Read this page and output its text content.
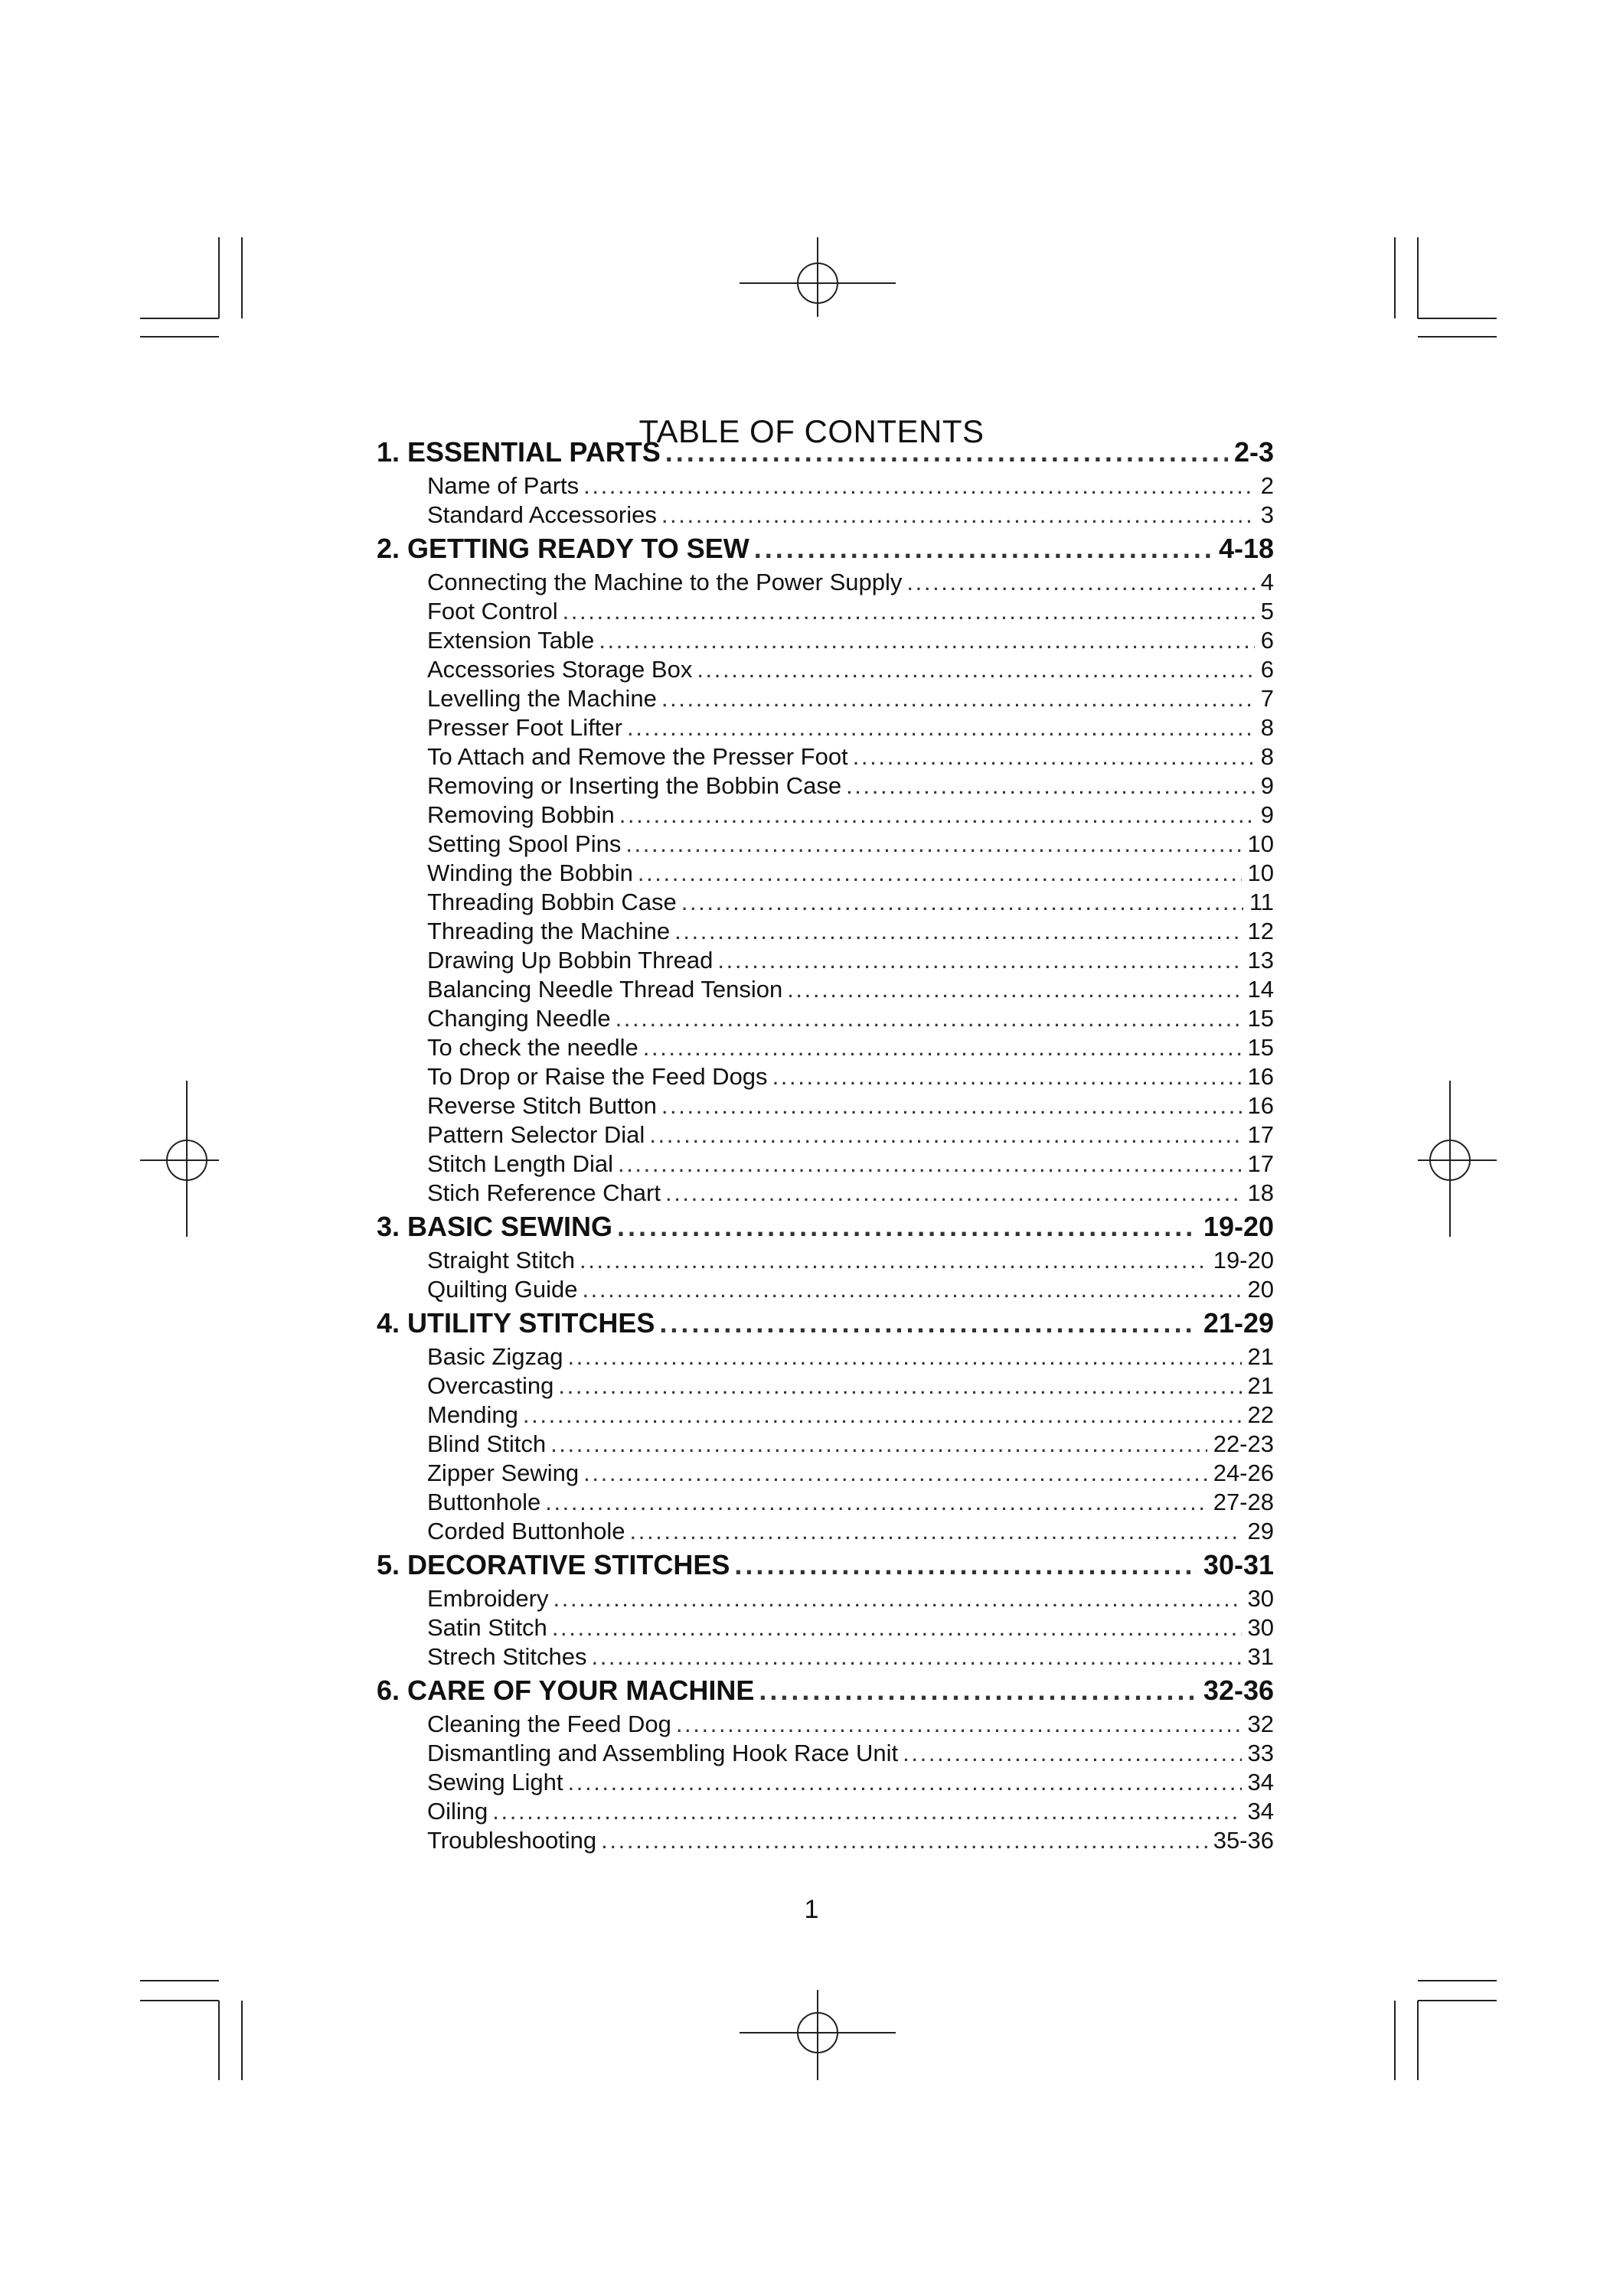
TABLE OF CONTENTS
1. ESSENTIAL PARTS . . .	2-3
Name of Parts . . .	2
Standard Accessories . . .	3
2. GETTING READY TO SEW . . .	4-18
Connecting the Machine to the Power Supply . . .	4
Foot Control . . .	5
Extension Table . . .	6
Accessories Storage Box . . .	6
Levelling the Machine . . .	7
Presser Foot Lifter . . .	8
To Attach and Remove the Presser Foot . . .	8
Removing or Inserting the Bobbin Case . . .	9
Removing Bobbin . . .	9
Setting Spool Pins . . .	10
Winding the Bobbin . . .	10
Threading Bobbin Case . . .	11
Threading the Machine . . .	12
Drawing Up Bobbin Thread . . .	13
Balancing Needle Thread Tension . . .	14
Changing Needle . . .	15
To check the needle . . .	15
To Drop or Raise the Feed Dogs . . .	16
Reverse Stitch Button . . .	16
Pattern Selector Dial . . .	17
Stitch Length Dial . . .	17
Stich Reference Chart . . .	18
3. BASIC SEWING . . .	19-20
Straight Stitch . . .	19-20
Quilting Guide . . .	20
4. UTILITY STITCHES . . .	21-29
Basic Zigzag . . .	21
Overcasting . . .	21
Mending . . .	22
Blind Stitch . . .	22-23
Zipper Sewing . . .	24-26
Buttonhole . . .	27-28
Corded Buttonhole . . .	29
5. DECORATIVE STITCHES . . .	30-31
Embroidery . . .	30
Satin Stitch . . .	30
Strech Stitches . . .	31
6. CARE OF YOUR MACHINE . . .	32-36
Cleaning the Feed Dog . . .	32
Dismantling and Assembling Hook Race Unit . . .	33
Sewing Light . . .	34
Oiling . . .	34
Troubleshooting . . .	35-36
1
